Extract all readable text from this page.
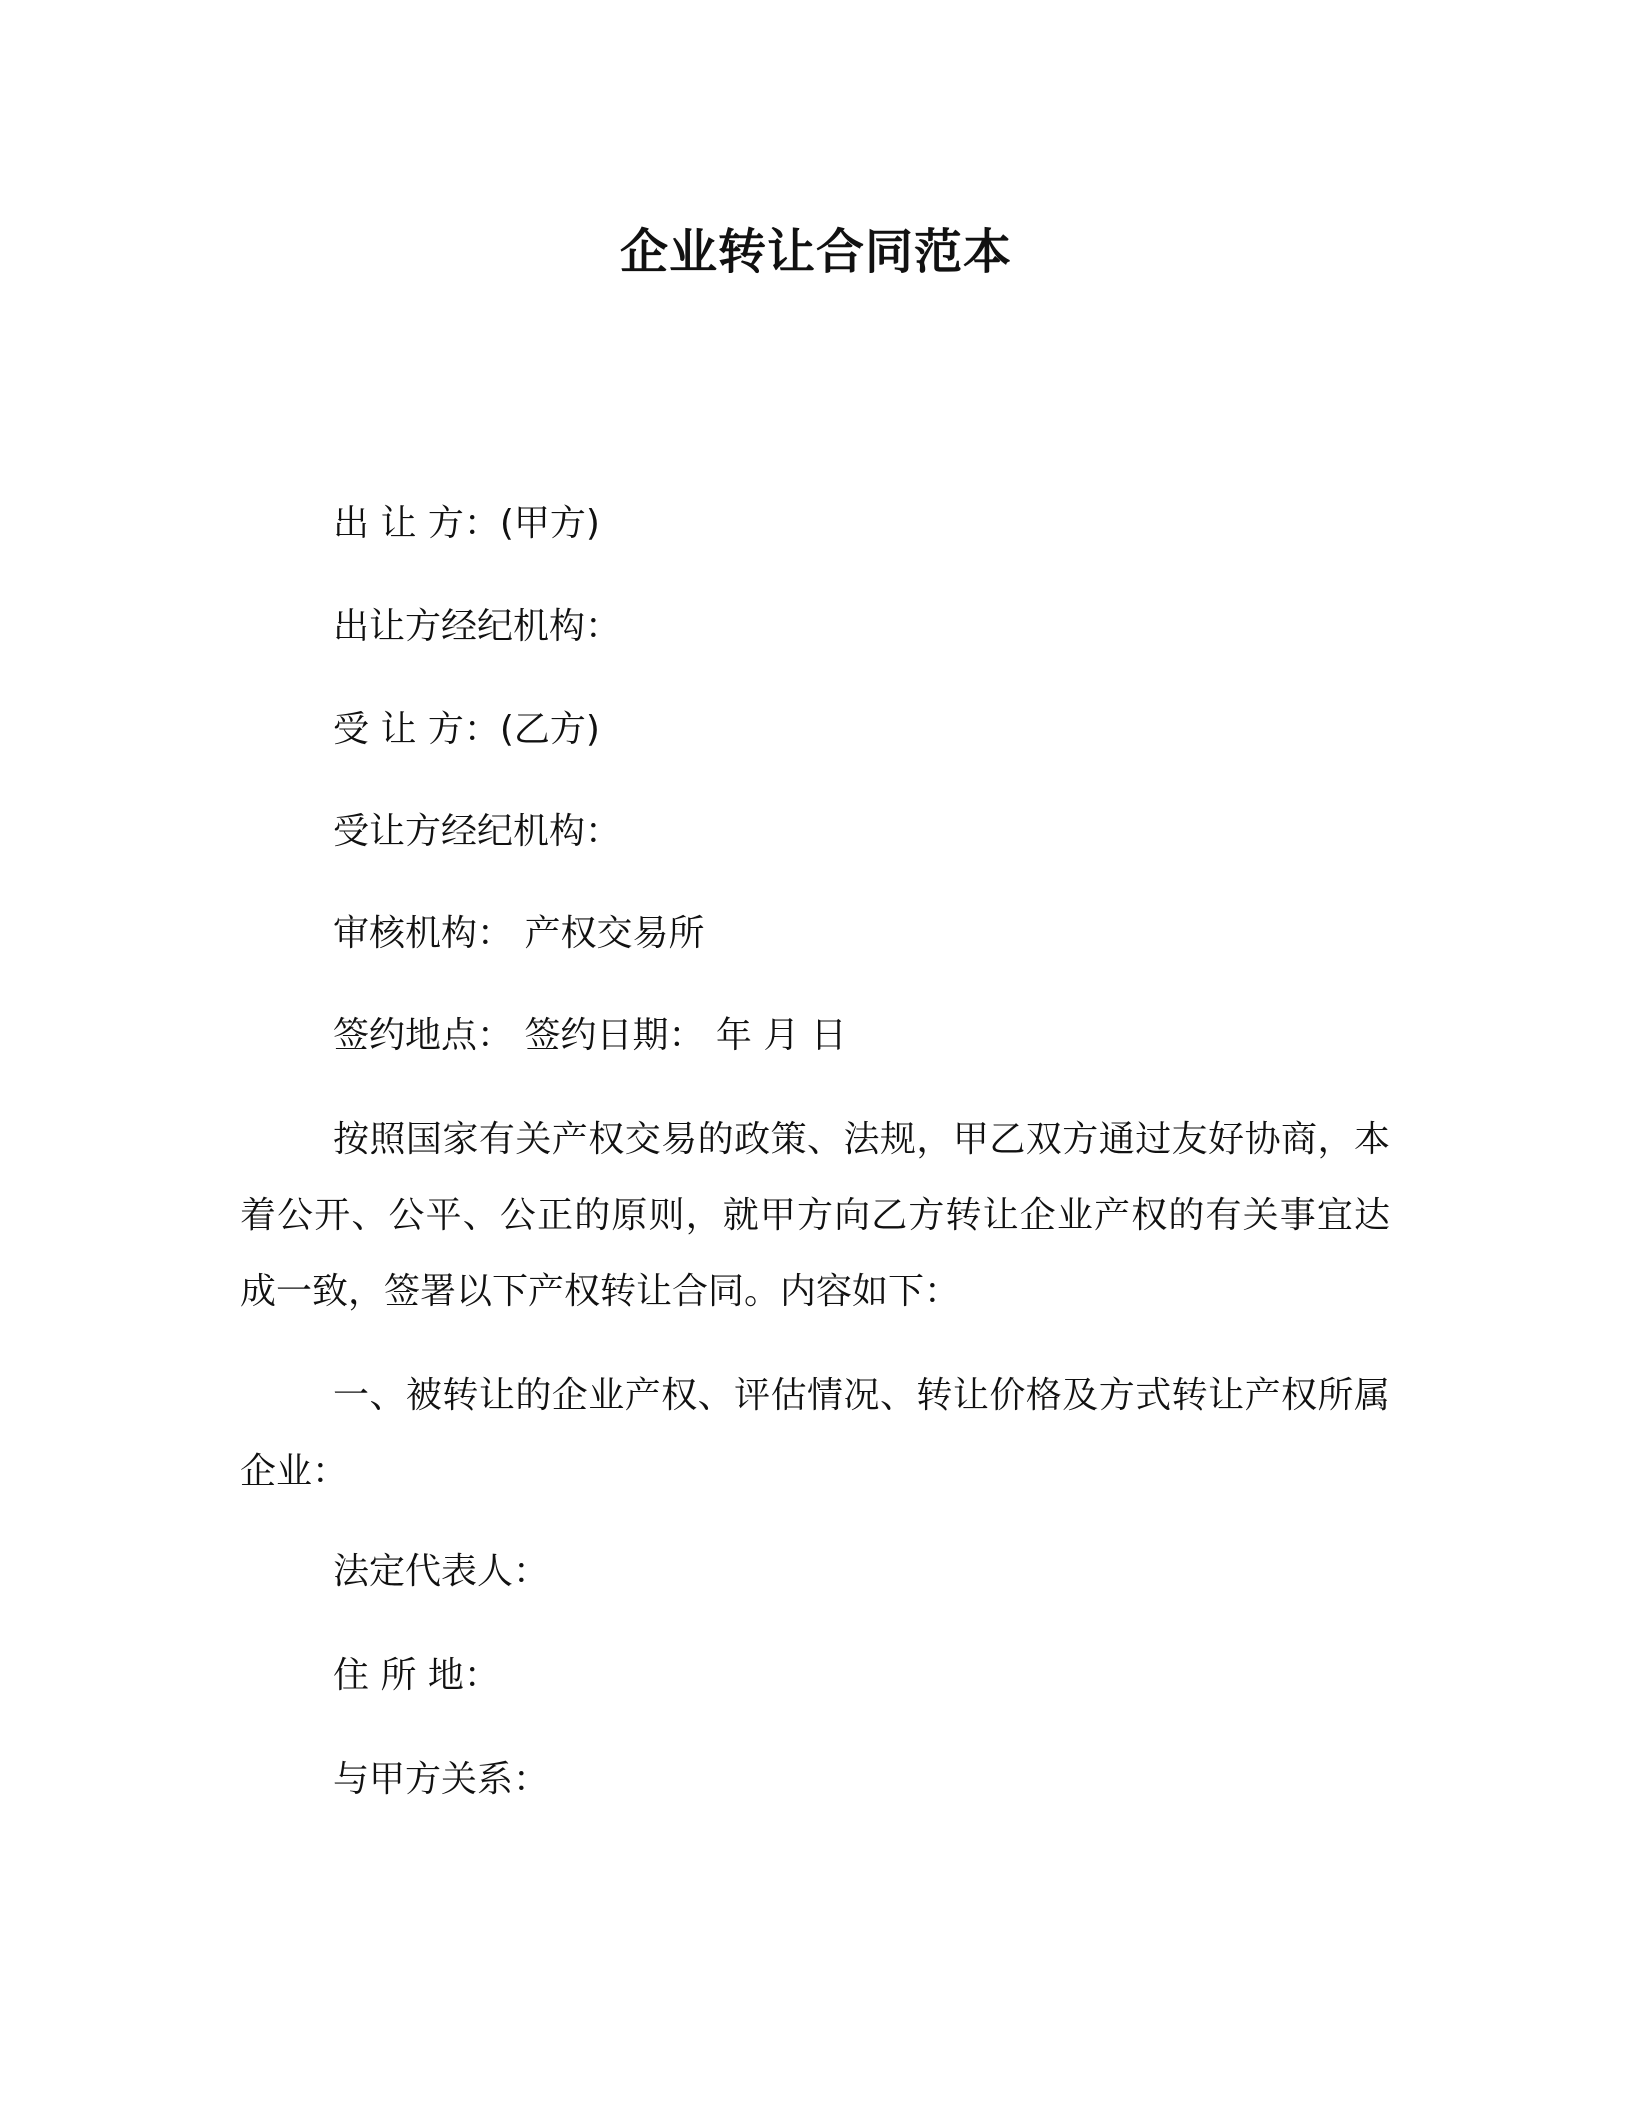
企业转让合同范本
出 让 方：(甲方)
出让方经纪机构：
受 让 方：(乙方)
受让方经纪机构：
审核机构： 产权交易所
签约地点： 签约日期： 年 月 日
按照国家有关产权交易的政策、法规，甲乙双方通过友好协商，本着公开、公平、公正的原则，就甲方向乙方转让企业产权的有关事宜达成一致，签署以下产权转让合同。内容如下：
一、被转让的企业产权、评估情况、转让价格及方式转让产权所属企业：
法定代表人：
住 所 地：
与甲方关系：
